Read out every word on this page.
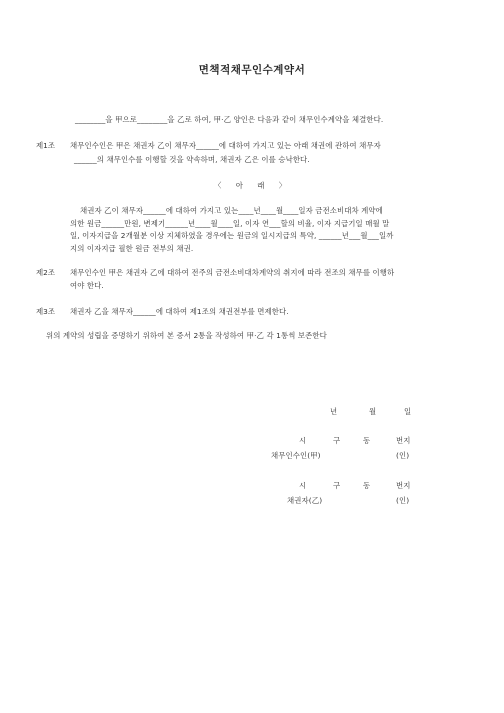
면책적채무인수계약서
________을 甲으로________을 乙로 하여, 甲·乙 양인은 다음과 같이 채무인수계약을 체결한다.
제1조 채무인수인은 甲은 채권자 乙이 채무자______에 대하여 가지고 있는 아래 채권에 관하여 채무자
______의 채무인수를 이행할 것을 약속하며, 채권자 乙은 이를 승낙한다.
〈 아 래 〉
채권자 乙이 채무자______에 대하여 가지고 있는____년____월____일자 금전소비대차 계약에
의한 원금______만원, 변제기______년____월____일, 이자 연___할의 비율, 이자 지급기일 매월 말
일, 이자지급을 2개월분 이상 지체하였을 경우에는 원금의 일시지급의 특약, ______년___월___일까
지의 이자지급 필한 원금 전부의 채권.
제2조 채무인수인 甲은 채권자 乙에 대하여 전주의 금전소비대차계약의 취지에 따라 전조의 채무를 이행하
여야 한다.
제3조 채권자 乙을 채무자______에 대하여 제1조의 채권전부를 면제한다.
위의 계약의 성립을 증명하기 위하여 본 증서 2통을 작성하여 甲·乙 각 1통씩 보존한다
년	월	일
시	구	동	번지
채무인수인(甲)	(인)
시	구	동	번지
채권자(乙)	(인)
